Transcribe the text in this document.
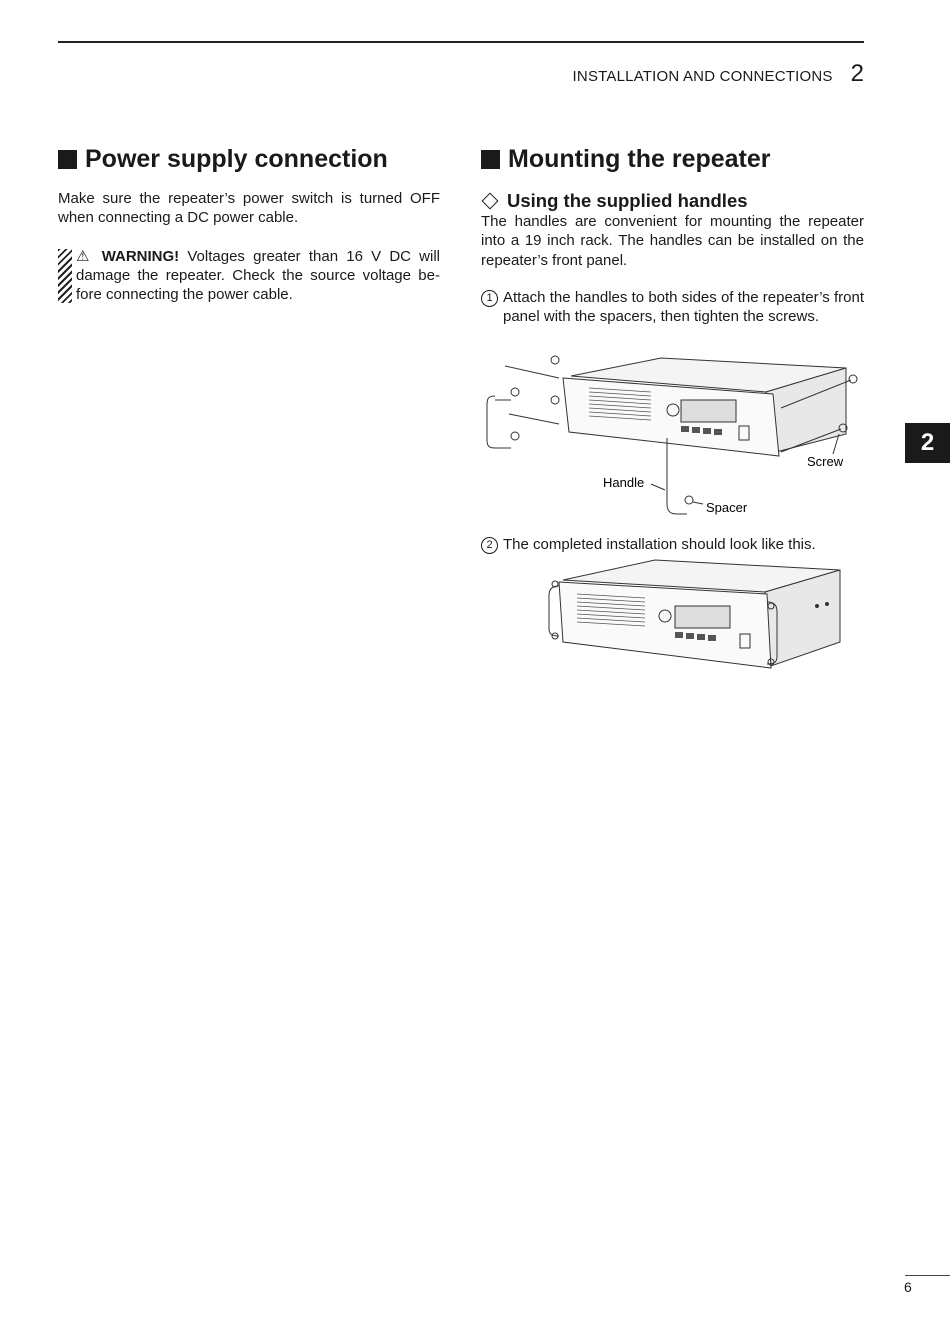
INSTALLATION AND CONNECTIONS 2
Power supply connection

Make sure the repeater’s power switch is turned OFF when connecting a DC power cable.

⚠ WARNING! Voltages greater than 16 V DC will damage the repeater. Check the source voltage be-fore connecting the power cable.

Mounting the repeater
Using the supplied handles

The handles are convenient for mounting the repeater into a 19 inch rack. The handles can be installed on the repeater’s front panel.

1 Attach the handles to both sides of the repeater’s front panel with the spacers, then tighten the screws.

Screw
Handle
Spacer
2 The completed installation should look like this.

2
6
